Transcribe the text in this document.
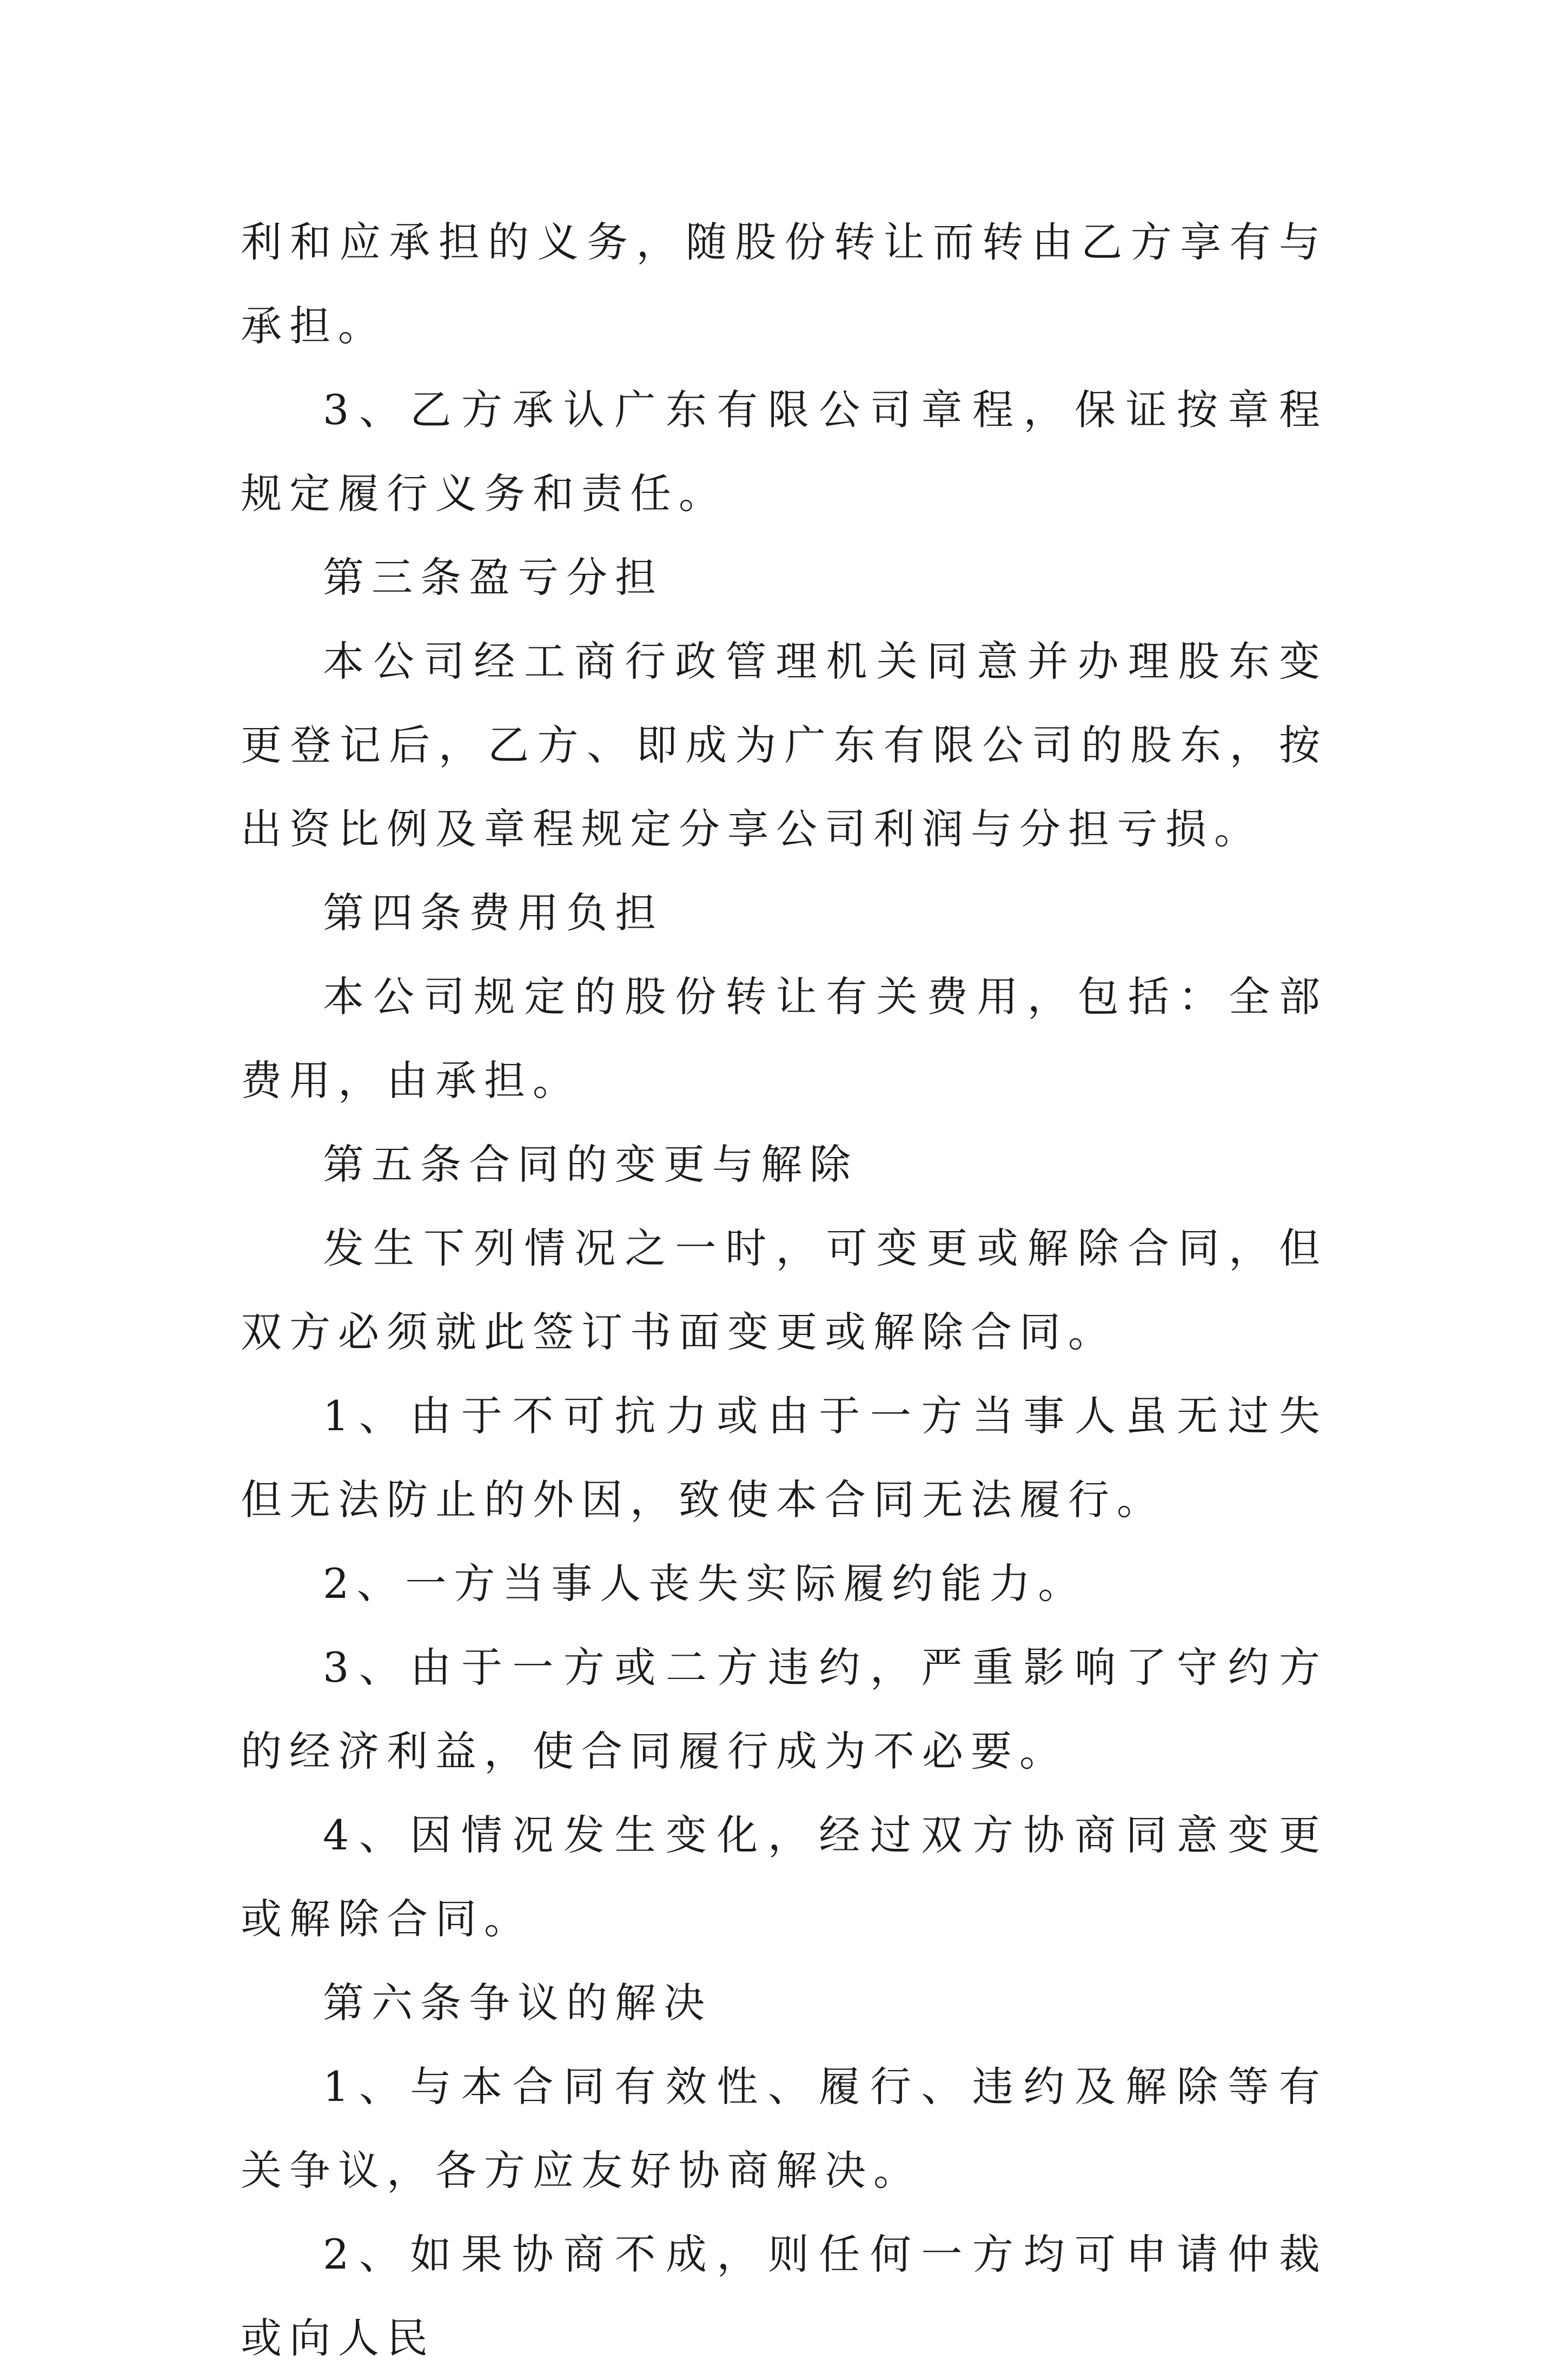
利和应承担的义务，随股份转让而转由乙方享有与承担。

3、乙方承认广东有限公司章程，保证按章程规定履行义务和责任。

第三条盈亏分担

本公司经工商行政管理机关同意并办理股东变更登记后，乙方、即成为广东有限公司的股东，按出资比例及章程规定分享公司利润与分担亏损。

第四条费用负担

本公司规定的股份转让有关费用，包括：全部费用，由承担。

第五条合同的变更与解除

发生下列情况之一时，可变更或解除合同，但双方必须就此签订书面变更或解除合同。

1、由于不可抗力或由于一方当事人虽无过失但无法防止的外因，致使本合同无法履行。

2、一方当事人丧失实际履约能力。

3、由于一方或二方违约，严重影响了守约方的经济利益，使合同履行成为不必要。

4、因情况发生变化，经过双方协商同意变更或解除合同。

第六条争议的解决

1、与本合同有效性、履行、违约及解除等有关争议，各方应友好协商解决。

2、如果协商不成，则任何一方均可申请仲裁或向人民
